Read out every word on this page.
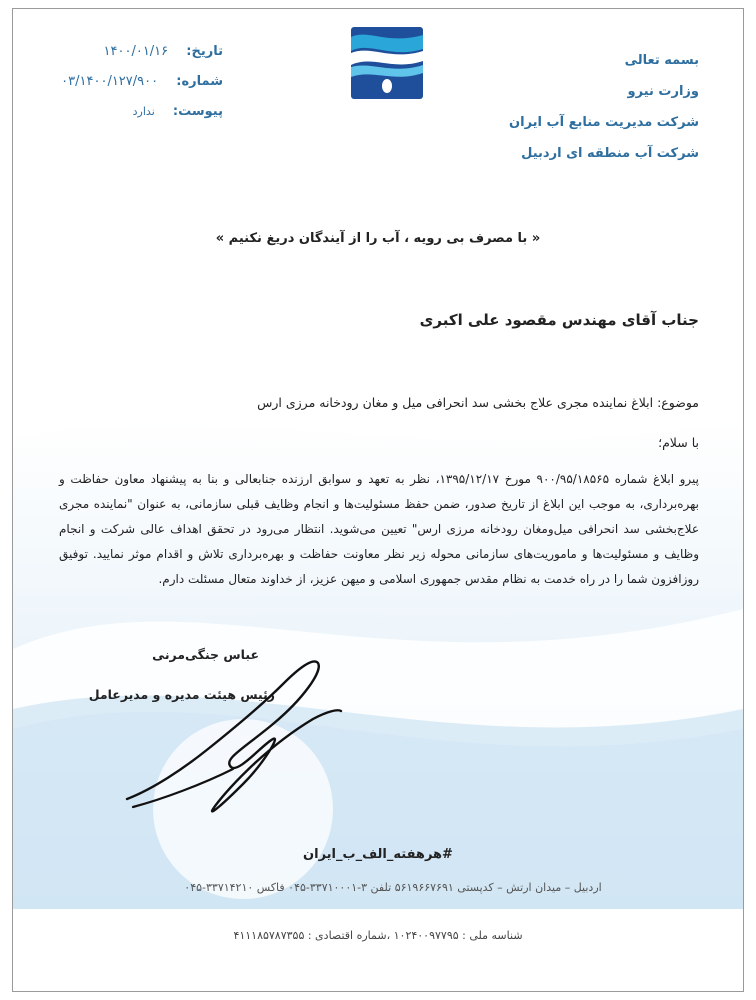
بسمه تعالی
وزارت نیرو
شرکت مدیریت منابع آب ایران
شرکت آب منطقه ای اردبیل
تاریخ: ۱۴۰۰/۰۱/۱۶
شماره: ۰۳/۱۴۰۰/۱۲۷/۹۰۰
پیوست: ندارد
« با مصرف بی رویه ، آب را از آیندگان دریغ نکنیم »
جناب آقای مهندس مقصود علی اکبری
موضوع: ابلاغ نماینده مجری علاج بخشی سد انحرافی میل و مغان رودخانه مرزی ارس
با سلام؛

پیرو ابلاغ شماره ۹۰۰/۹۵/۱۸۵۶۵ مورخ ۱۳۹۵/۱۲/۱۷، نظر به تعهد و سوابق ارزنده جنابعالی و بنا به پیشنهاد معاون حفاظت و بهره‌برداری، به موجب این ابلاغ از تاریخ صدور، ضمن حفظ مسئولیت‌ها و انجام وظایف قبلی سازمانی، به عنوان "نماینده مجری علاج‌بخشی سد انحرافی میل‌ومغان رودخانه مرزی ارس" تعیین می‌شوید. انتظار می‌رود در تحقق اهداف عالی شرکت و انجام وظایف و مسئولیت‌ها و ماموریت‌های سازمانی محوله زیر نظر معاونت حفاظت و بهره‌برداری تلاش و اقدام موثر نمایید. توفیق روزافزون شما را در راه خدمت به نظام مقدس جمهوری اسلامی و میهن عزیز، از خداوند متعال مسئلت دارم.

عباس جنگی‌مرنی
رئیس هیئت مدیره و مدیرعامل
#هرهفته_الف_ب_ایران
اردبیل – میدان ارتش – کدپستی ۵۶۱۹۶۶۷۶۹۱ تلفن ۳-۳۳۷۱۰۰۰۱-۰۴۵ فاکس ۳۳۷۱۴۲۱۰-۰۴۵
شناسه ملی : ۱۰۲۴۰۰۹۷۷۹۵ ،شماره اقتصادی : ۴۱۱۱۸۵۷۸۷۳۵۵
